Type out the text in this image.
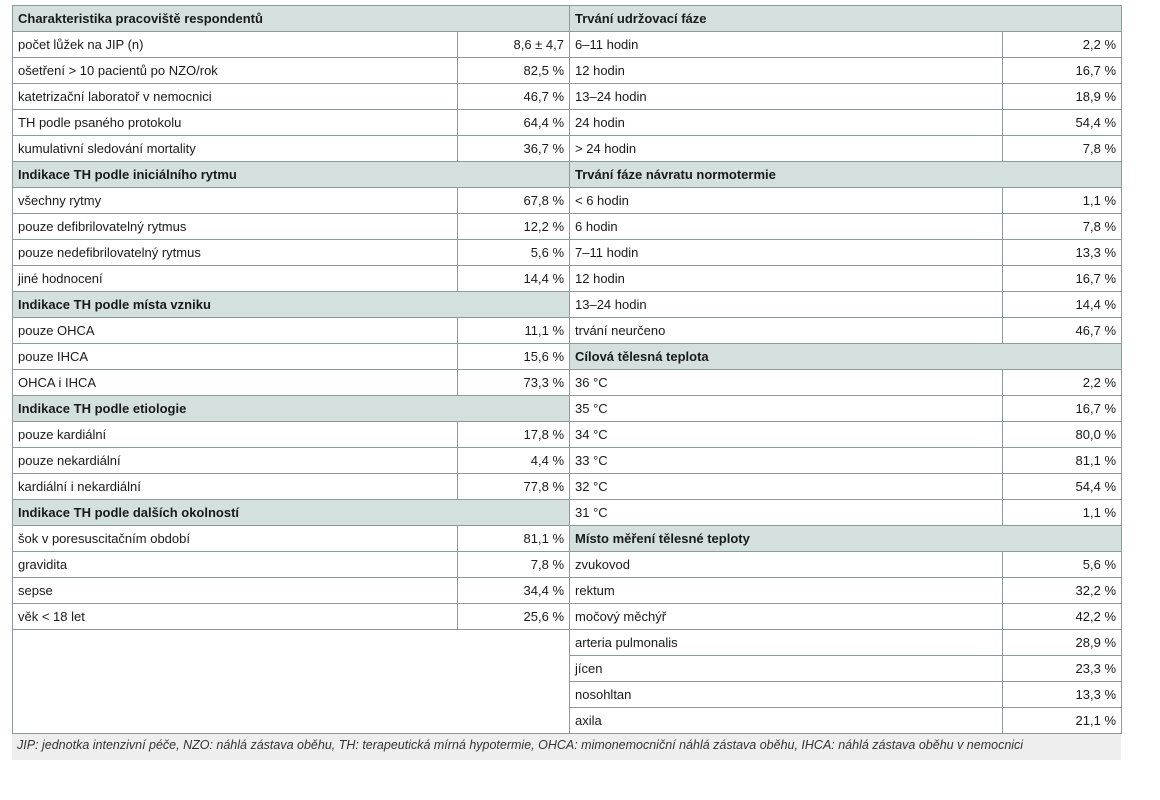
Charakteristika pracoviště respondentů		Trvání udržovací fáze	
počet lůžek na JIP (n)	8,6 ± 4,7	6–11 hodin	2,2 %
ošetření > 10 pacientů po NZO/rok	82,5 %	12 hodin	16,7 %
katetrizační laboratoř v nemocnici	46,7 %	13–24 hodin	18,9 %
TH podle psaného protokolu	64,4 %	24 hodin	54,4 %
kumulativní sledování mortality	36,7 %	> 24 hodin	7,8 %
Indikace TH podle iniciálního rytmu		Trvání fáze návratu normotermie	
všechny rytmy	67,8 %	< 6 hodin	1,1 %
pouze defibrilovatelný rytmus	12,2 %	6 hodin	7,8 %
pouze nedefibrilovatelný rytmus	5,6 %	7–11 hodin	13,3 %
jiné hodnocení	14,4 %	12 hodin	16,7 %
Indikace TH podle místa vzniku		13–24 hodin	14,4 %
pouze OHCA	11,1 %	trvání neurčeno	46,7 %
pouze IHCA	15,6 %	Cílová tělesná teplota	
OHCA i IHCA	73,3 %	36 °C	2,2 %
Indikace TH podle etiologie		35 °C	16,7 %
pouze kardiální	17,8 %	34 °C	80,0 %
pouze nekardiální	4,4 %	33 °C	81,1 %
kardiální i nekardiální	77,8 %	32 °C	54,4 %
Indikace TH podle dalších okolností		31 °C	1,1 %
šok v poresuscitačním období	81,1 %	Místo měření tělesné teploty	
gravidita	7,8 %	zvukovod	5,6 %
sepse	34,4 %	rektum	32,2 %
věk < 18 let	25,6 %	močový měchýř	42,2 %
		arteria pulmonalis	28,9 %
		jícen	23,3 %
		nosohltan	13,3 %
		axila	21,1 %
JIP: jednotka intenzivní péče, NZO: náhlá zástava oběhu, TH: terapeutická mírná hypotermie, OHCA: mimonemocniční náhlá zástava oběhu, IHCA: náhlá zástava oběhu v nemocnici
